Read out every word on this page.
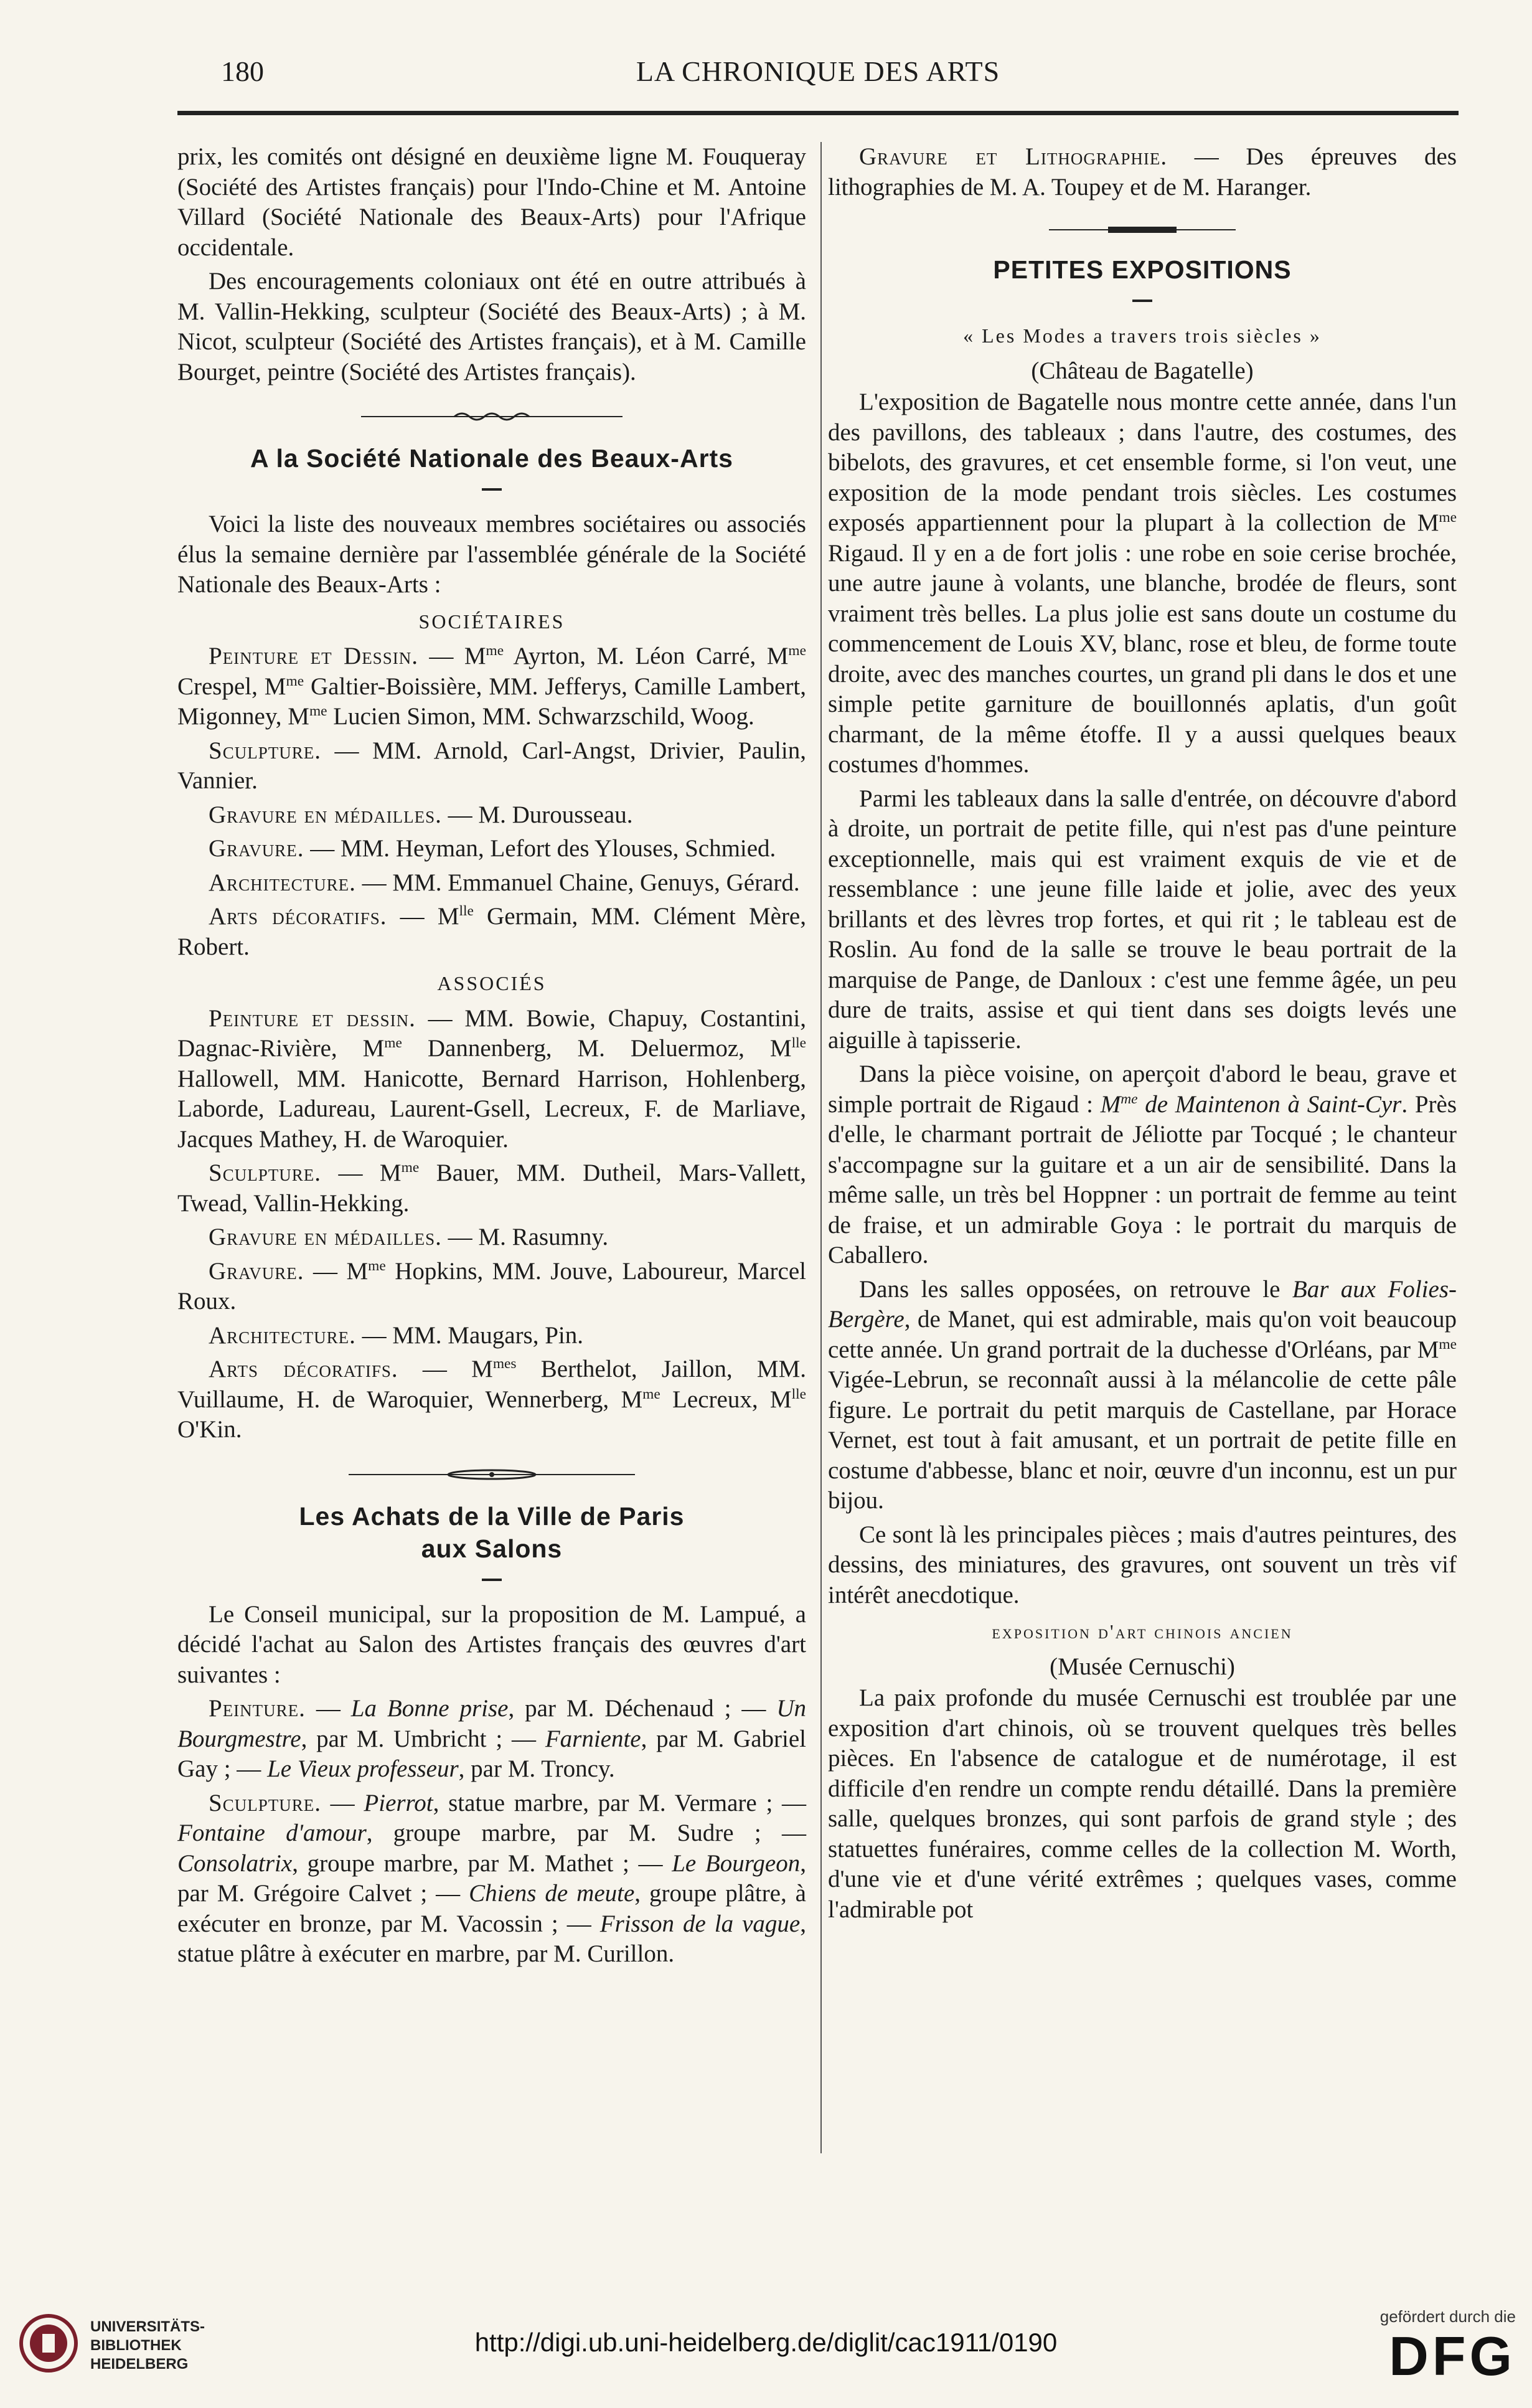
180	LA CHRONIQUE DES ARTS

prix, les comités ont désigné en deuxième ligne M. Fouqueray (Société des Artistes français) pour l'Indo-Chine et M. Antoine Villard (Société Nationale des Beaux-Arts) pour l'Afrique occidentale.

Des encouragements coloniaux ont été en outre attribués à M. Vallin-Hekking, sculpteur (Société des Beaux-Arts) ; à M. Nicot, sculpteur (Société des Artistes français), et à M. Camille Bourget, peintre (Société des Artistes français).

A la Société Nationale des Beaux-Arts

Voici la liste des nouveaux membres sociétaires ou associés élus la semaine dernière par l'assemblée générale de la Société Nationale des Beaux-Arts :

SOCIÉTAIRES

Peinture et Dessin. — $M^{me}$ Ayrton, M. Léon Carré, $M^{me}$ Crespel, $M^{me}$ Galtier-Boissière, MM. Jefferys, Camille Lambert, Migonney, $M^{me}$ Lucien Simon, MM. Schwarzschild, Woog.

Sculpture. — MM. Arnold, Carl-Angst, Drivier, Paulin, Vannier.

Gravure en médailles. — M. Durousseau.

Gravure. — MM. Heyman, Lefort des Ylouses, Schmied.

Architecture. — MM. Emmanuel Chaine, Genuys, Gérard.

Arts décoratifs. — $M^{lle}$ Germain, MM. Clément Mère, Robert.

ASSOCIÉS

Peinture et dessin. — MM. Bowie, Chapuy, Costantini, Dagnac-Rivière, $M^{me}$ Dannenberg, M. Deluermoz, $M^{lle}$ Hallowell, MM. Hanicotte, Bernard Harrison, Hohlenberg, Laborde, Ladureau, Laurent-Gsell, Lecreux, F. de Marliave, Jacques Mathey, H. de Waroquier.

Sculpture. — $M^{me}$ Bauer, MM. Dutheil, Mars-Vallett, Twead, Vallin-Hekking.

Gravure en médailles. — M. Rasumny.

Gravure. — $M^{me}$ Hopkins, MM. Jouve, Laboureur, Marcel Roux.

Architecture. — MM. Maugars, Pin.

Arts décoratifs. — $M^{mes}$ Berthelot, Jaillon, MM. Vuillaume, H. de Waroquier, Wennerberg, $M^{me}$ Lecreux, $M^{lle}$ O'Kin.

Les Achats de la Ville de Paris
aux Salons

Le Conseil municipal, sur la proposition de M. Lampué, a décidé l'achat au Salon des Artistes français des œuvres d'art suivantes :

Peinture. — La Bonne prise, par M. Déchenaud ; — Un Bourgmestre, par M. Umbricht ; — Farniente, par M. Gabriel Gay ; — Le Vieux professeur, par M. Troncy.

Sculpture. — Pierrot, statue marbre, par M. Vermare ; — Fontaine d'amour, groupe marbre, par M. Sudre ; — Consolatrix, groupe marbre, par M. Mathet ; — Le Bourgeon, par M. Grégoire Calvet ; — Chiens de meute, groupe plâtre, à exécuter en bronze, par M. Vacossin ; — Frisson de la vague, statue plâtre à exécuter en marbre, par M. Curillon.

Gravure et Lithographie. — Des épreuves des lithographies de M. A. Toupey et de M. Haranger.

PETITES EXPOSITIONS
« Les Modes a travers trois siècles »
(Château de Bagatelle)

L'exposition de Bagatelle nous montre cette année, dans l'un des pavillons, des tableaux ; dans l'autre, des costumes, des bibelots, des gravures, et cet ensemble forme, si l'on veut, une exposition de la mode pendant trois siècles. Les costumes exposés appartiennent pour la plupart à la collection de $M^{me}$ Rigaud. Il y en a de fort jolis : une robe en soie cerise brochée, une autre jaune à volants, une blanche, brodée de fleurs, sont vraiment très belles. La plus jolie est sans doute un costume du commencement de Louis XV, blanc, rose et bleu, de forme toute droite, avec des manches courtes, un grand pli dans le dos et une simple petite garniture de bouillonnés aplatis, d'un goût charmant, de la même étoffe. Il y a aussi quelques beaux costumes d'hommes.

Parmi les tableaux dans la salle d'entrée, on découvre d'abord à droite, un portrait de petite fille, qui n'est pas d'une peinture exceptionnelle, mais qui est vraiment exquis de vie et de ressemblance : une jeune fille laide et jolie, avec des yeux brillants et des lèvres trop fortes, et qui rit ; le tableau est de Roslin. Au fond de la salle se trouve le beau portrait de la marquise de Pange, de Danloux : c'est une femme âgée, un peu dure de traits, assise et qui tient dans ses doigts levés une aiguille à tapisserie.

Dans la pièce voisine, on aperçoit d'abord le beau, grave et simple portrait de Rigaud : $M^{me}$ de Maintenon à Saint-Cyr. Près d'elle, le charmant portrait de Jéliotte par Tocqué ; le chanteur s'accompagne sur la guitare et a un air de sensibilité. Dans la même salle, un très bel Hoppner : un portrait de femme au teint de fraise, et un admirable Goya : le portrait du marquis de Caballero.

Dans les salles opposées, on retrouve le Bar aux Folies-Bergère, de Manet, qui est admirable, mais qu'on voit beaucoup cette année. Un grand portrait de la duchesse d'Orléans, par $M^{me}$ Vigée-Lebrun, se reconnaît aussi à la mélancolie de cette pâle figure. Le portrait du petit marquis de Castellane, par Horace Vernet, est tout à fait amusant, et un portrait de petite fille en costume d'abbesse, blanc et noir, œuvre d'un inconnu, est un pur bijou.

Ce sont là les principales pièces ; mais d'autres peintures, des dessins, des miniatures, des gravures, ont souvent un très vif intérêt anecdotique.

exposition d'art chinois ancien
(Musée Cernuschi)

La paix profonde du musée Cernuschi est troublée par une exposition d'art chinois, où se trouvent quelques très belles pièces. En l'absence de catalogue et de numérotage, il est difficile d'en rendre un compte rendu détaillé. Dans la première salle, quelques bronzes, qui sont parfois de grand style ; des statuettes funéraires, comme celles de la collection M. Worth, d'une vie et d'une vérité extrêmes ; quelques vases, comme l'admirable pot

UNIVERSITÄTS-
BIBLIOTHEK
HEIDELBERG
http://digi.ub.uni-heidelberg.de/diglit/cac1911/0190
gefördert durch die
DFG
